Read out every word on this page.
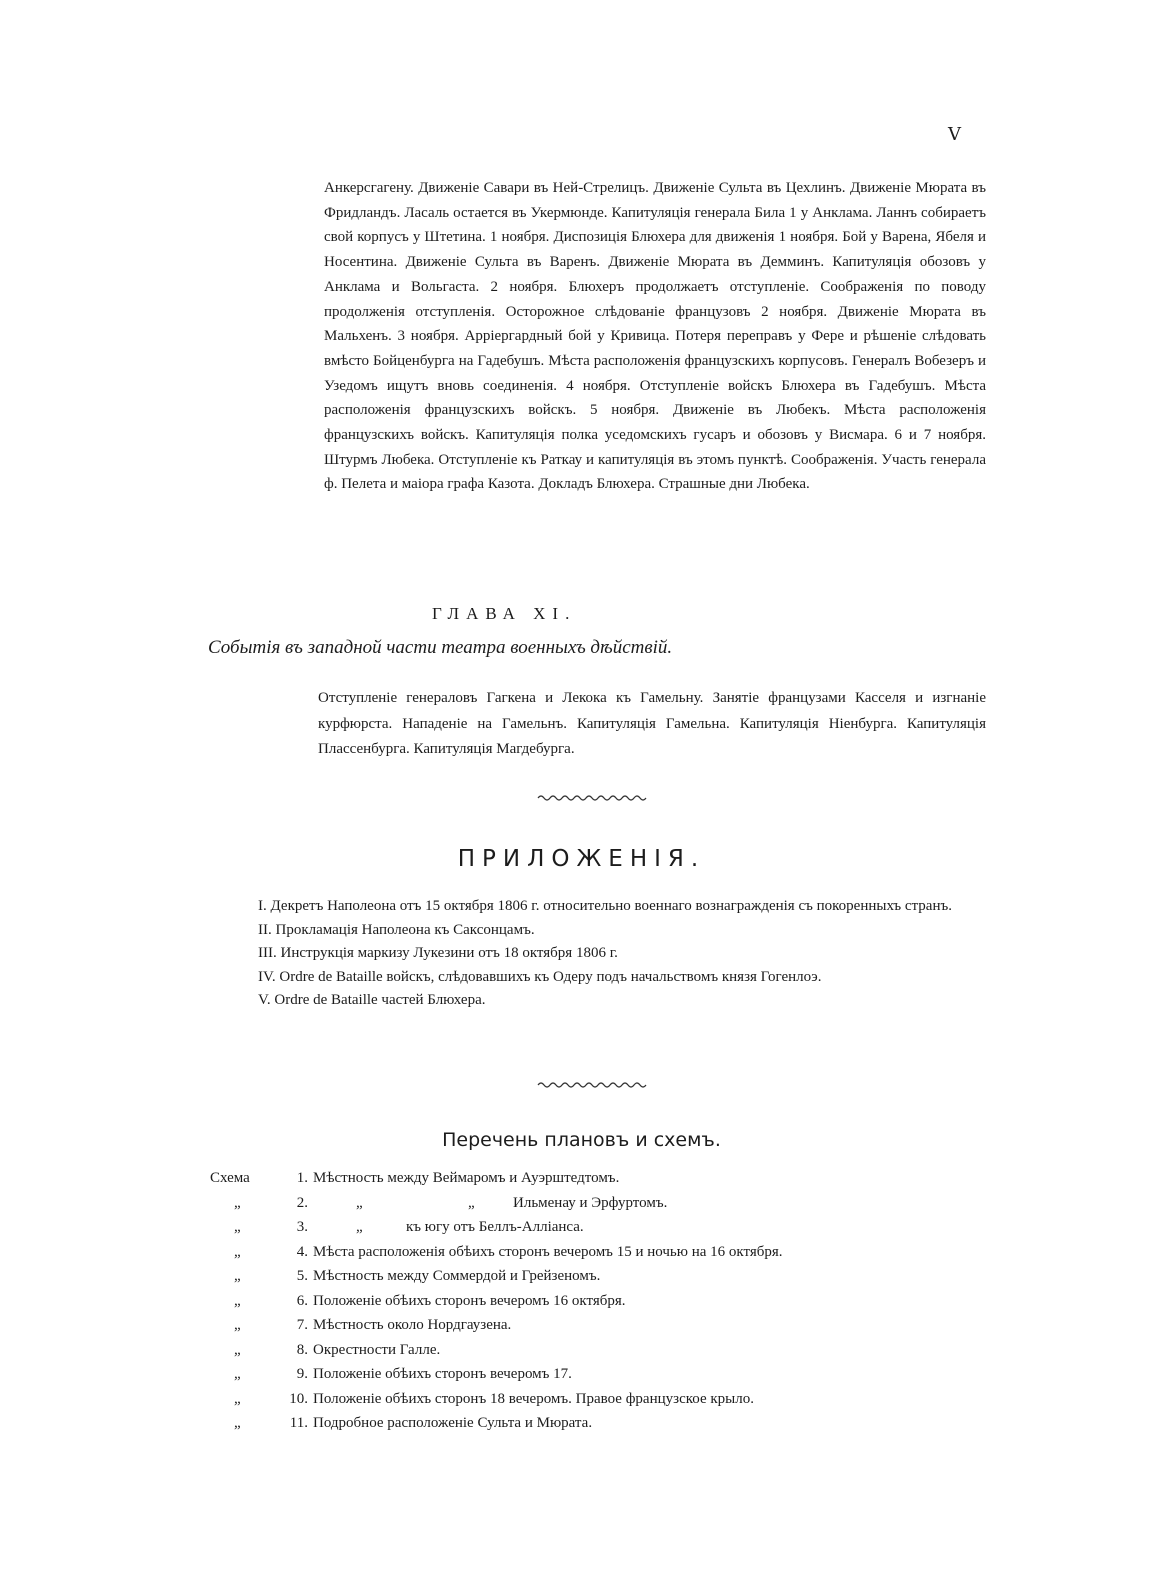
V

Анкерсгагену. Движеніе Савари въ Ней-Стрелицъ. Движеніе Сульта въ Цехлинъ. Движеніе Мюрата въ Фридландъ. Ласаль остается въ Укермюнде. Капитуляція генерала Била 1 у Анклама. Ланнъ собираетъ свой корпусъ у Штетина. 1 ноября. Диспозиція Блюхера для движенія 1 ноября. Бой у Варена, Ябеля и Носентина. Движеніе Сульта въ Варенъ. Движеніе Мюрата въ Демминъ. Капитуляція обозовъ у Анклама и Вольгаста. 2 ноября. Блюхеръ продолжаетъ отступленіе. Соображенія по поводу продолженія отступленія. Осторожное слѣдованіе французовъ 2 ноября. Движеніе Мюрата въ Мальхенъ. 3 ноября. Арріергардный бой у Кривица. Потеря переправъ у Фере и рѣшеніе слѣдовать вмѣсто Бойценбурга на Гадебушъ. Мѣста расположенія французскихъ корпусовъ. Генералъ Вобезеръ и Узедомъ ищутъ вновь соединенія. 4 ноября. Отступленіе войскъ Блюхера въ Гадебушъ. Мѣста расположенія французскихъ войскъ. 5 ноября. Движеніе въ Любекъ. Мѣста расположенія французскихъ войскъ. Капитуляція полка уседомскихъ гусаръ и обозовъ у Висмара. 6 и 7 ноября. Штурмъ Любека. Отступленіе къ Раткау и капитуляція въ этомъ пунктѣ. Соображенія. Участь генерала ф. Пелета и маіора графа Казота. Докладъ Блюхера. Страшные дни Любека.

ГЛАВА XI.
Событія въ западной части театра военныхъ дѣйствій.

Отступленіе генераловъ Гагкена и Лекока къ Гамельну. Занятіе французами Касселя и изгнаніе курфюрста. Нападеніе на Гамельнъ. Капитуляція Гамельна. Капитуляція Ніенбурга. Капитуляція Плассенбурга. Капитуляція Магдебурга.

ПРИЛОЖЕНІЯ.

I. Декретъ Наполеона отъ 15 октября 1806 г. относительно военнаго вознагражденія съ покоренныхъ странъ.

II. Прокламація Наполеона къ Саксонцамъ.

III. Инструкція маркизу Лукезини отъ 18 октября 1806 г.

IV. Ordre de Bataille войскъ, слѣдовавшихъ къ Одеру подъ начальствомъ князя Гогенлоэ.

V. Ordre de Bataille частей Блюхера.

Перечень плановъ и схемъ.
Схема	1. Мѣстность между Веймаромъ и Ауэрштедтомъ.
„	2.	„	„	Ильменау и Эрфуртомъ.
„	3.	„	къ югу отъ Беллъ-Алліанса.
„	4. Мѣста расположенія обѣихъ сторонъ вечеромъ 15 и ночью на 16 октября.
„	5. Мѣстность между Соммердой и Грейзеномъ.
„	6. Положеніе обѣихъ сторонъ вечеромъ 16 октября.
„	7. Мѣстность около Нордгаузена.
„	8. Окрестности Галле.
„	9. Положеніе обѣихъ сторонъ вечеромъ 17.
„	10. Положеніе обѣихъ сторонъ 18 вечеромъ. Правое французское крыло.
„	11. Подробное расположеніе Сульта и Мюрата.
